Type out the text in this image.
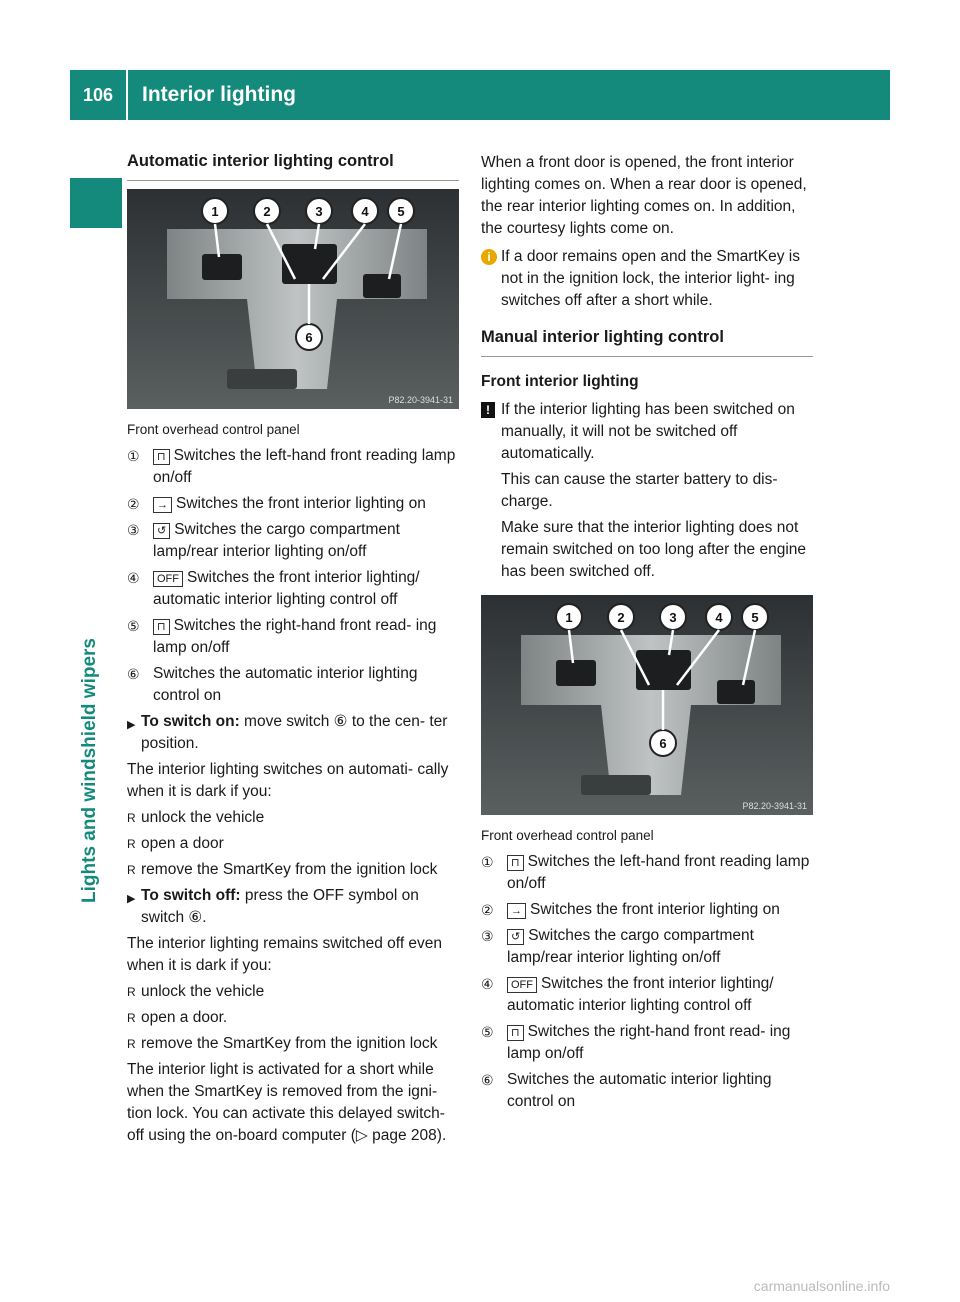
106	Interior lighting
Lights and windshield wipers
Automatic interior lighting control
1	2	3	4 5
6
P82.20-3941-31
Front overhead control panel
①	⊓ Switches the left-hand front reading lamp on/off
②	→ Switches the front interior lighting on
③	↺ Switches the cargo compartment lamp/rear interior lighting on/off
④	OFF Switches the front interior lighting/ automatic interior lighting control off
⑤	⊓ Switches the right-hand front read- ing lamp on/off
⑥ Switches the automatic interior lighting control on
▶ To switch on: move switch ⑥ to the cen- ter position.

The interior lighting switches on automati- cally when it is dark if you:

R unlock the vehicle
R open a door
R remove the SmartKey from the ignition lock
▶ To switch off: press the OFF symbol on switch ⑥.

The interior lighting remains switched off even when it is dark if you:

R unlock the vehicle
R open a door.
R remove the SmartKey from the ignition lock

The interior light is activated for a short while when the SmartKey is removed from the igni- tion lock. You can activate this delayed switch-off using the on-board computer (▷ page 208).

When a front door is opened, the front interior lighting comes on. When a rear door is opened, the rear interior lighting comes on. In addition, the courtesy lights come on.

i If a door remains open and the SmartKey is not in the ignition lock, the interior light- ing switches off after a short while.
Manual interior lighting control
Front interior lighting
! If the interior lighting has been switched on manually, it will not be switched off automatically.

This can cause the starter battery to dis- charge.

Make sure that the interior lighting does not remain switched on too long after the engine has been switched off.

1	2	3	4 5
6
P82.20-3941-31
Front overhead control panel
①	⊓ Switches the left-hand front reading lamp on/off
②	→ Switches the front interior lighting on
③	↺ Switches the cargo compartment lamp/rear interior lighting on/off
④	OFF Switches the front interior lighting/ automatic interior lighting control off
⑤	⊓ Switches the right-hand front read- ing lamp on/off
⑥ Switches the automatic interior lighting control on
carmanualsonline.info
